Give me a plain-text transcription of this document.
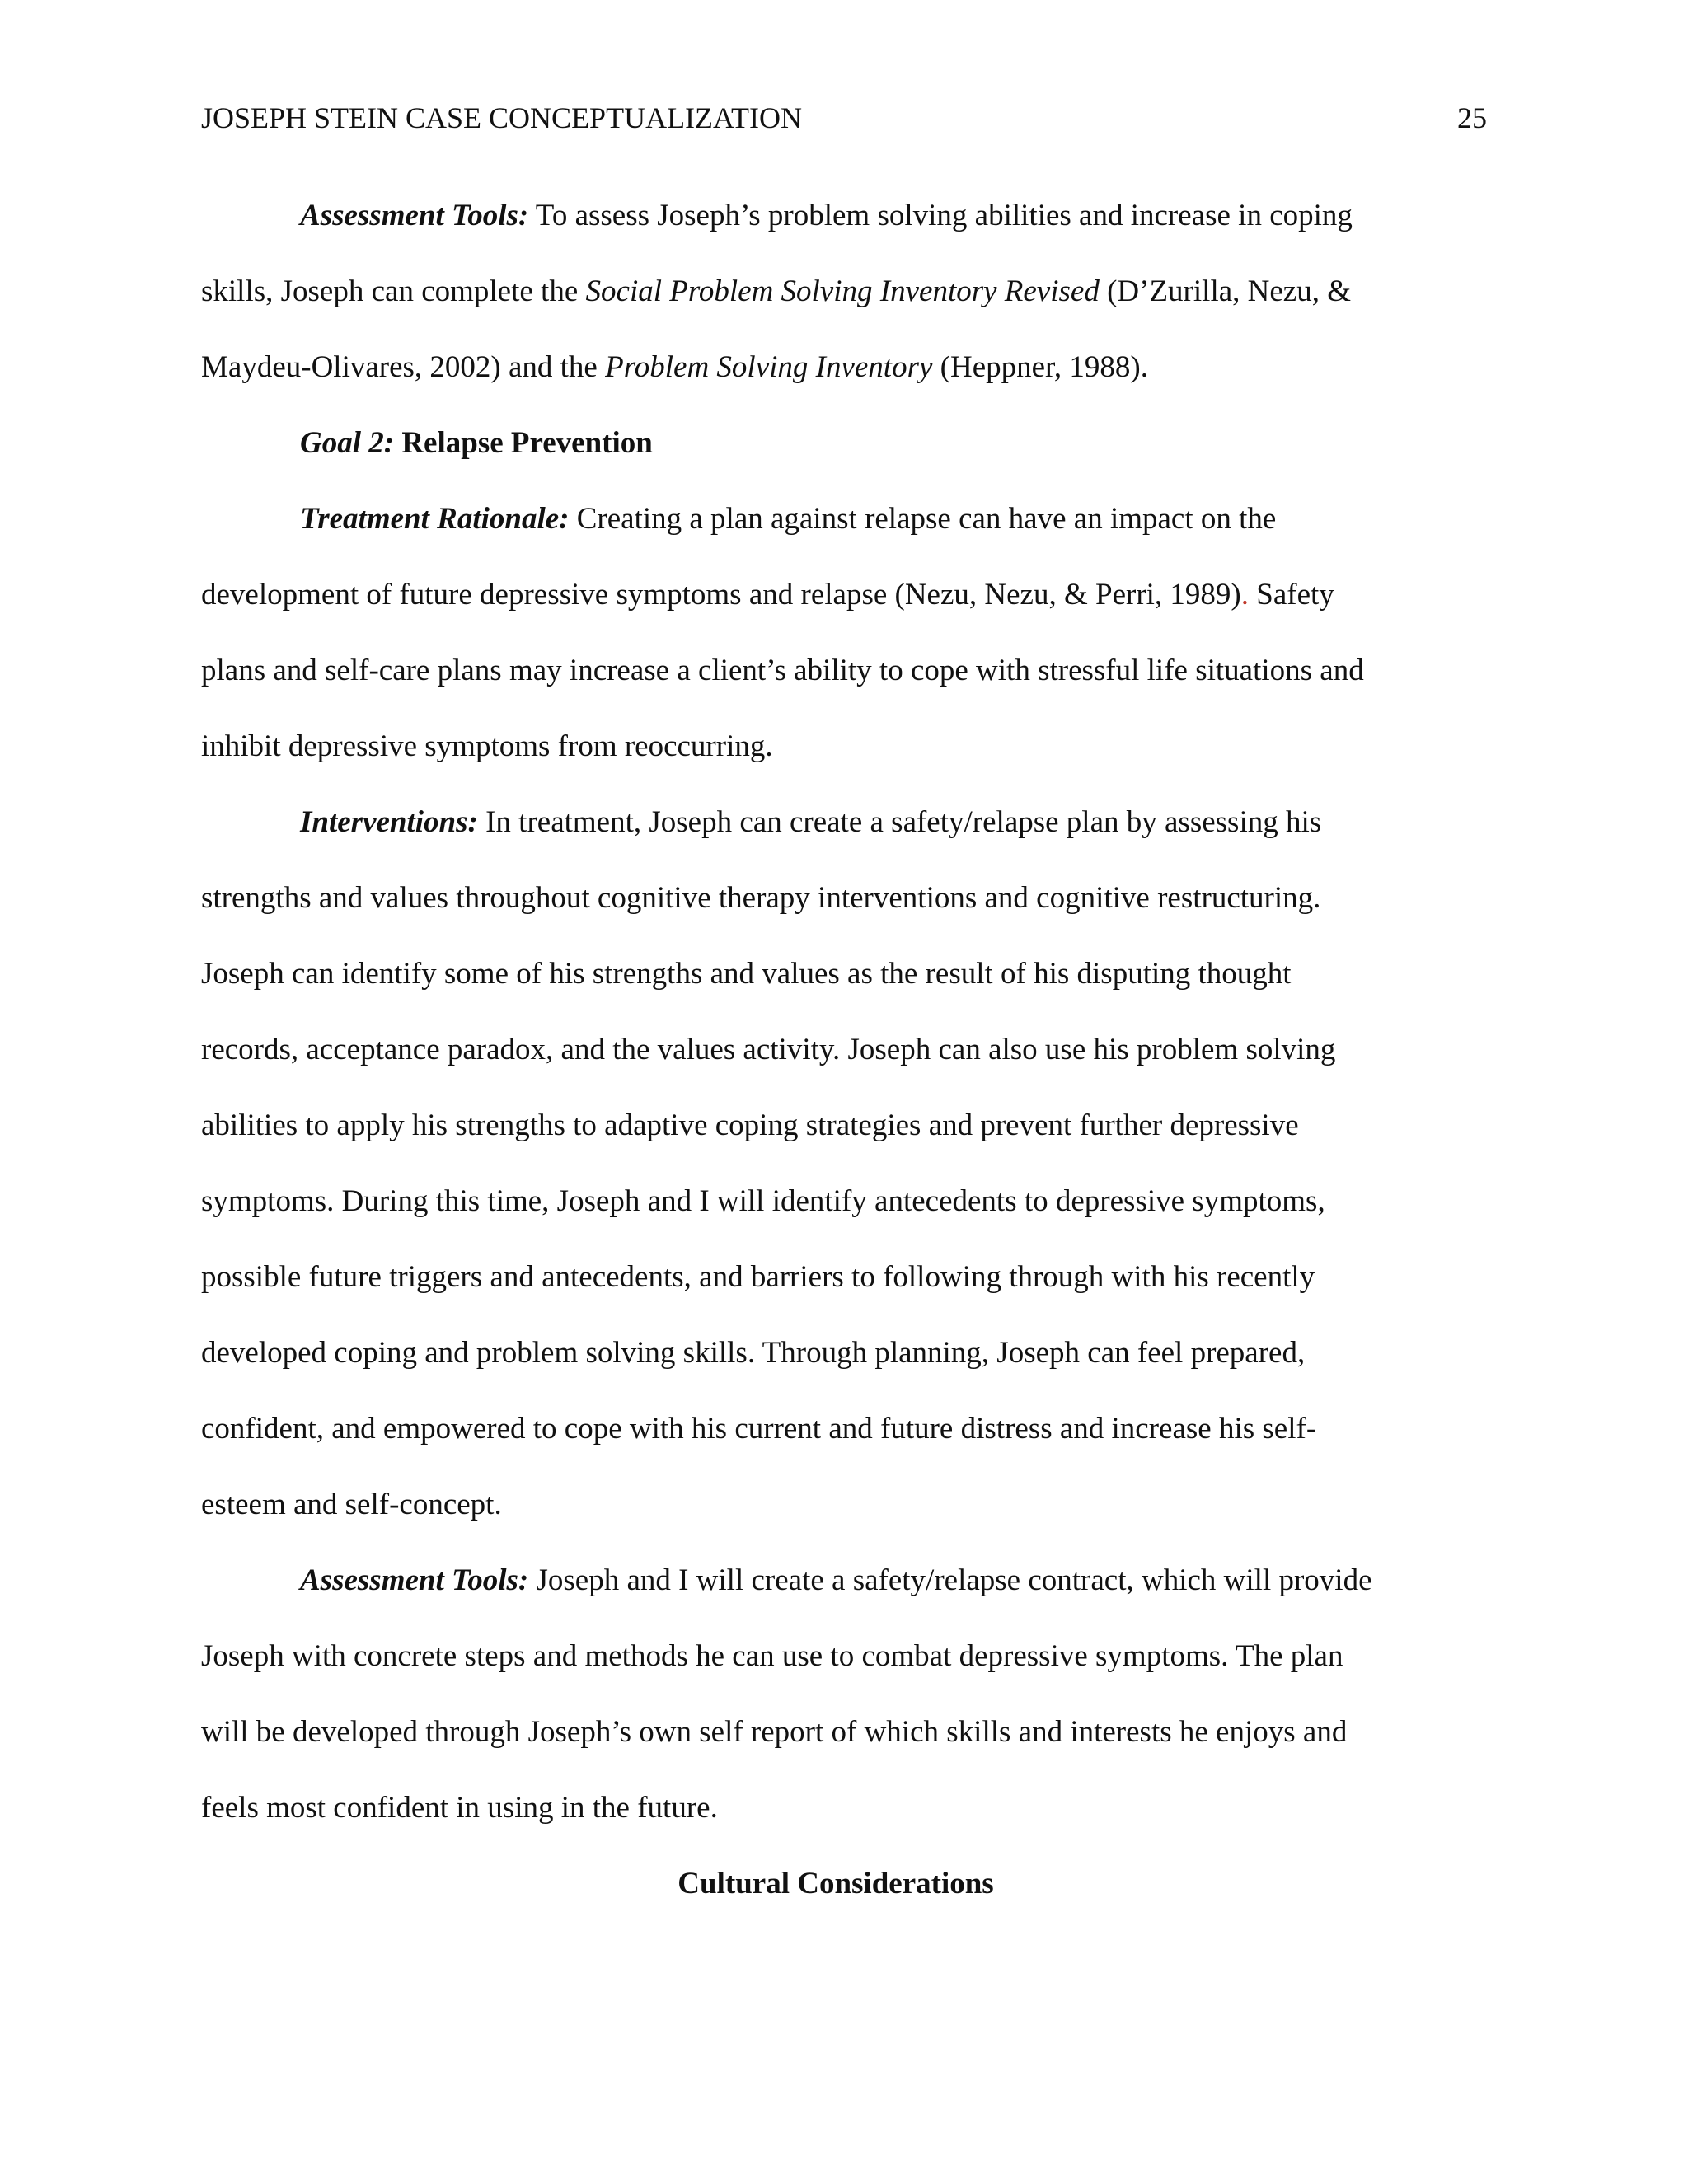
JOSEPH STEIN CASE CONCEPTUALIZATION	25
Assessment Tools: To assess Joseph’s problem solving abilities and increase in coping
skills, Joseph can complete the Social Problem Solving Inventory Revised (D’Zurilla, Nezu, &
Maydeu-Olivares, 2002) and the Problem Solving Inventory (Heppner, 1988).
Goal 2: Relapse Prevention
Treatment Rationale: Creating a plan against relapse can have an impact on the
development of future depressive symptoms and relapse (Nezu, Nezu, & Perri, 1989). Safety
plans and self-care plans may increase a client’s ability to cope with stressful life situations and
inhibit depressive symptoms from reoccurring.
Interventions: In treatment, Joseph can create a safety/relapse plan by assessing his
strengths and values throughout cognitive therapy interventions and cognitive restructuring.
Joseph can identify some of his strengths and values as the result of his disputing thought
records, acceptance paradox, and the values activity. Joseph can also use his problem solving
abilities to apply his strengths to adaptive coping strategies and prevent further depressive
symptoms. During this time, Joseph and I will identify antecedents to depressive symptoms,
possible future triggers and antecedents, and barriers to following through with his recently
developed coping and problem solving skills. Through planning, Joseph can feel prepared,
confident, and empowered to cope with his current and future distress and increase his self-
esteem and self-concept.
Assessment Tools: Joseph and I will create a safety/relapse contract, which will provide
Joseph with concrete steps and methods he can use to combat depressive symptoms. The plan
will be developed through Joseph’s own self report of which skills and interests he enjoys and
feels most confident in using in the future.
Cultural Considerations
